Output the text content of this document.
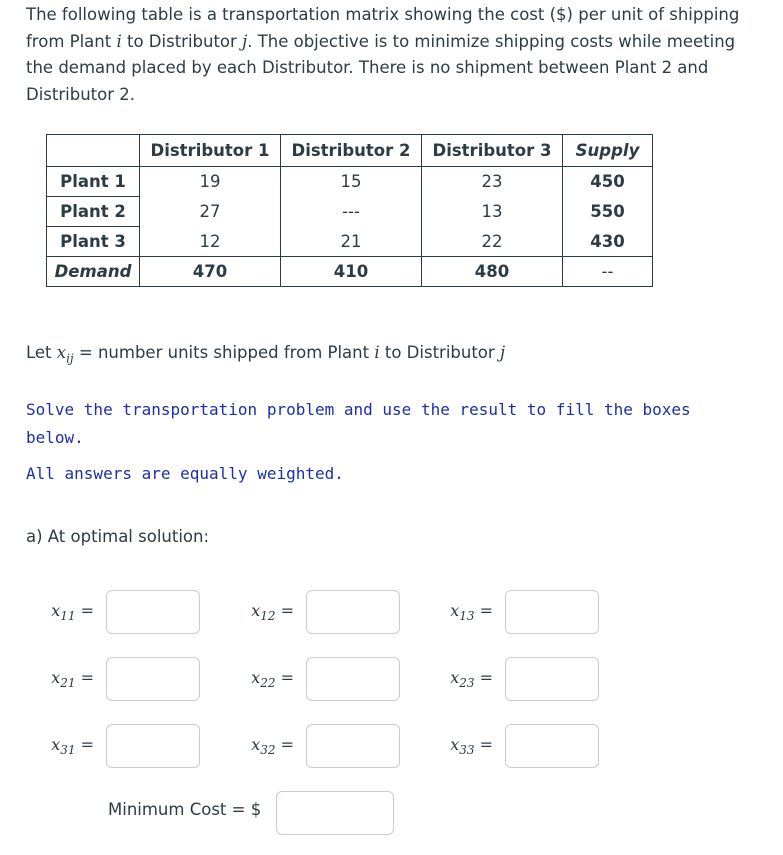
The following table is a transportation matrix showing the cost ($) per unit of shipping from Plant i to Distributor j. The objective is to minimize shipping costs while meeting the demand placed by each Distributor. There is no shipment between Plant 2 and Distributor 2.

	Distributor 1	Distributor 2	Distributor 3	Supply
Plant 1	19	15	23	450
Plant 2	27	---	13	550
Plant 3	12	21	22	430
Demand	470	410	480	--

Let $x_{ij}$ = number units shipped from Plant i to Distributor j

Solve the transportation problem and use the result to fill the boxes below.

All answers are equally weighted.

a) At optimal solution:

$x_{11}$ =	$x_{12}$ =	$x_{13}$ =
$x_{21}$ =	$x_{22}$ =	$x_{23}$ =
$x_{31}$ =	$x_{32}$ =	$x_{33}$ =
Minimum Cost = $
